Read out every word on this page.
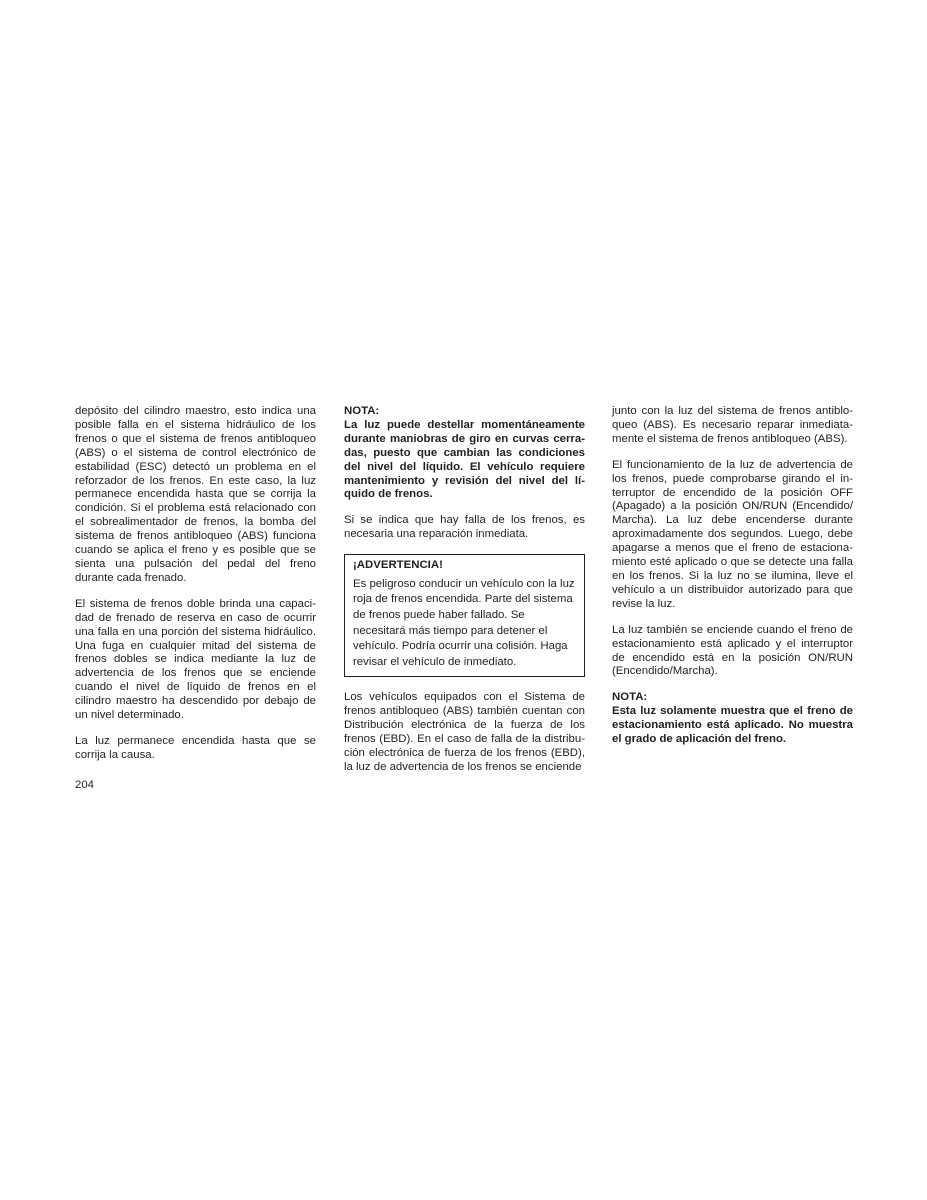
depósito del cilindro maestro, esto indica una posible falla en el sistema hidráulico de los frenos o que el sistema de frenos antibloqueo (ABS) o el sistema de control electrónico de estabilidad (ESC) detectó un problema en el reforzador de los frenos. En este caso, la luz permanece encendida hasta que se corrija la condición. Si el problema está relacionado con el sobrealimentador de frenos, la bomba del sistema de frenos antibloqueo (ABS) funciona cuando se aplica el freno y es posible que se sienta una pulsación del pedal del freno durante cada frenado.

El sistema de frenos doble brinda una capacidad de frenado de reserva en caso de ocurrir una falla en una porción del sistema hidráulico. Una fuga en cualquier mitad del sistema de frenos dobles se indica mediante la luz de advertencia de los frenos que se enciende cuando el nivel de líquido de frenos en el cilindro maestro ha descendido por debajo de un nivel determinado.

La luz permanece encendida hasta que se corrija la causa.

NOTA:

La luz puede destellar momentáneamente durante maniobras de giro en curvas cerradas, puesto que cambian las condiciones del nivel del líquido. El vehículo requiere mantenimiento y revisión del nivel del líquido de frenos.

Si se indica que hay falla de los frenos, es necesaria una reparación inmediata.

¡ADVERTENCIA!

Es peligroso conducir un vehículo con la luz roja de frenos encendida. Parte del sistema de frenos puede haber fallado. Se necesitará más tiempo para detener el vehículo. Podría ocurrir una colisión. Haga revisar el vehículo de inmediato.

Los vehículos equipados con el Sistema de frenos antibloqueo (ABS) también cuentan con Distribución electrónica de la fuerza de los frenos (EBD). En el caso de falla de la distribución electrónica de fuerza de los frenos (EBD), la luz de advertencia de los frenos se enciende

junto con la luz del sistema de frenos antibloqueo (ABS). Es necesario reparar inmediatamente el sistema de frenos antibloqueo (ABS).

El funcionamiento de la luz de advertencia de los frenos, puede comprobarse girando el interruptor de encendido de la posición OFF (Apagado) a la posición ON/RUN (Encendido/ Marcha). La luz debe encenderse durante aproximadamente dos segundos. Luego, debe apagarse a menos que el freno de estacionamiento esté aplicado o que se detecte una falla en los frenos. Si la luz no se ilumina, lleve el vehículo a un distribuidor autorizado para que revise la luz.

La luz también se enciende cuando el freno de estacionamiento está aplicado y el interruptor de encendido está en la posición ON/RUN (Encendido/Marcha).

NOTA:

Esta luz solamente muestra que el freno de estacionamiento está aplicado. No muestra el grado de aplicación del freno.

204
